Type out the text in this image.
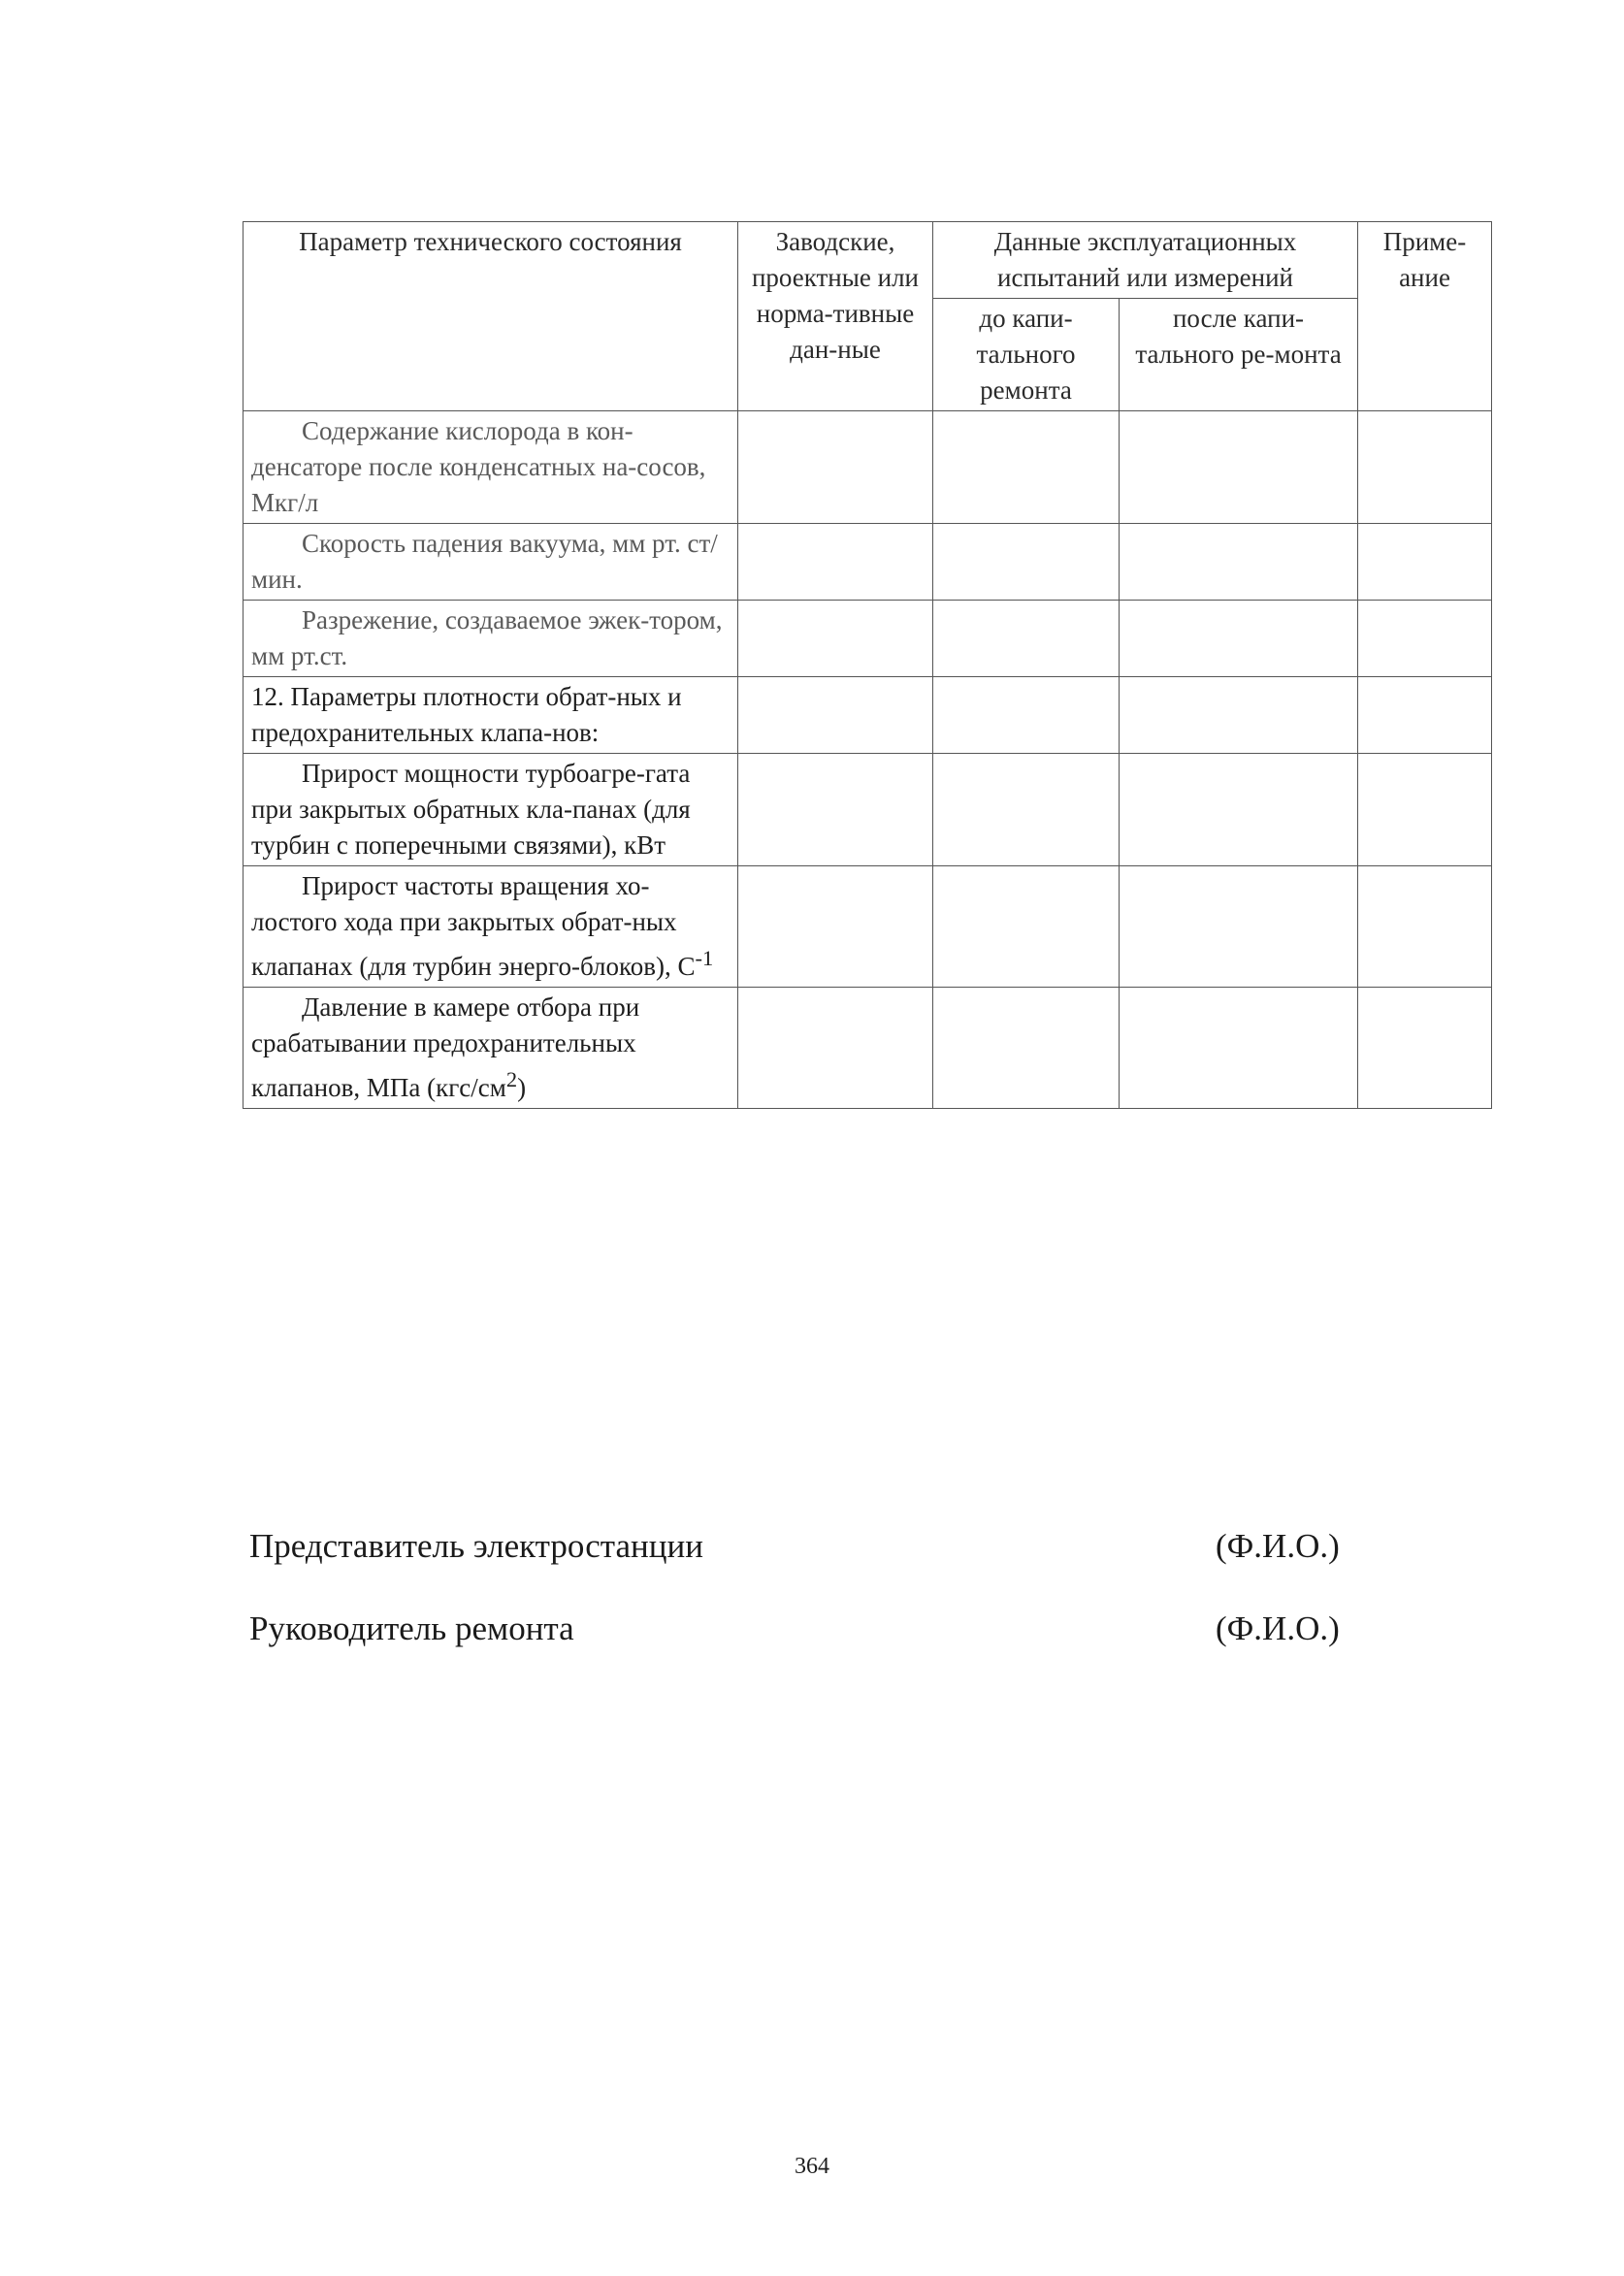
Параметр технического состояния	Заводские, проектные или норма-тивные дан-ные	Данные эксплуатационных испытаний или измерений		Приме-ание
		до капи-тального ремонта	после капи-тального ре-монта	

Содержание кислорода в кон-денсаторе после конденсатных на-сосов, Мкг/л				

Скорость падения вакуума, мм рт. ст/мин.				

Разрежение, создаваемое эжек-тором, мм рт.ст.				

12. Параметры плотности обрат-ных и предохранительных клапа-нов:				

Прирост мощности турбоагре-гата при закрытых обратных кла-панах (для турбин с поперечными связями), кВт				

Прирост частоты вращения хо-лостого хода при закрытых обрат-ных клапанах (для турбин энерго-блоков), $С^{-1}$

Давление в камере отбора при срабатывании предохранительных клапанов, МПа $(кгс/см^2)$				

Представитель электростанции	(Ф.И.О.)
Руководитель ремонта	(Ф.И.О.)
364
